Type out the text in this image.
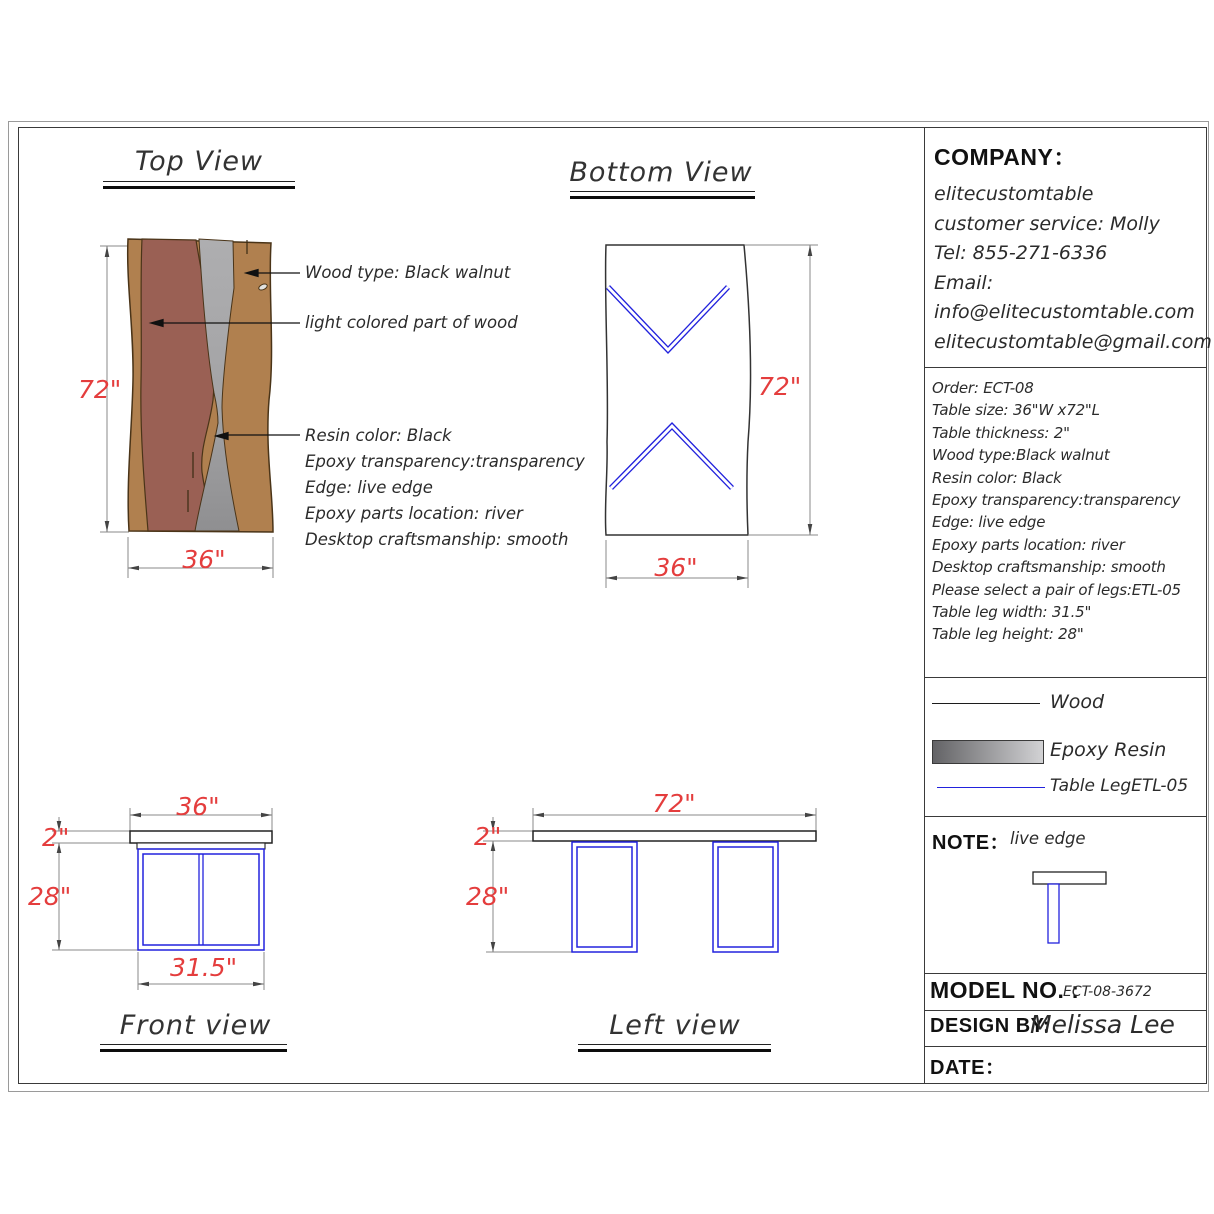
Top View
72"
36"
Wood type: Black walnut
light colored part of wood
Resin color: Black
Epoxy transparency:transparency
Edge: live edge
Epoxy parts location: river
Desktop craftsmanship: smooth
Bottom View
72"
36"
36"
2"
28"
31.5"
Front view
72"
2"
28"
Left view
COMPANY：
elitecustomtable
customer service: Molly
Tel: 855-271-6336
Email:
info@elitecustomtable.com
elitecustomtable@gmail.com
Order: ECT-08
Table size: 36"W x72"L
Table thickness: 2"
Wood type:Black walnut
Resin color: Black
Epoxy transparency:transparency
Edge: live edge
Epoxy parts location: river
Desktop craftsmanship: smooth
Please select a pair of legs:ETL-05
Table leg width: 31.5"
Table leg height: 28"
Wood
Epoxy Resin
Table LegETL-05
NOTE： live edge
MODEL NO. :
ECT-08-3672
DESIGN BY:
Melissa Lee
DATE：
